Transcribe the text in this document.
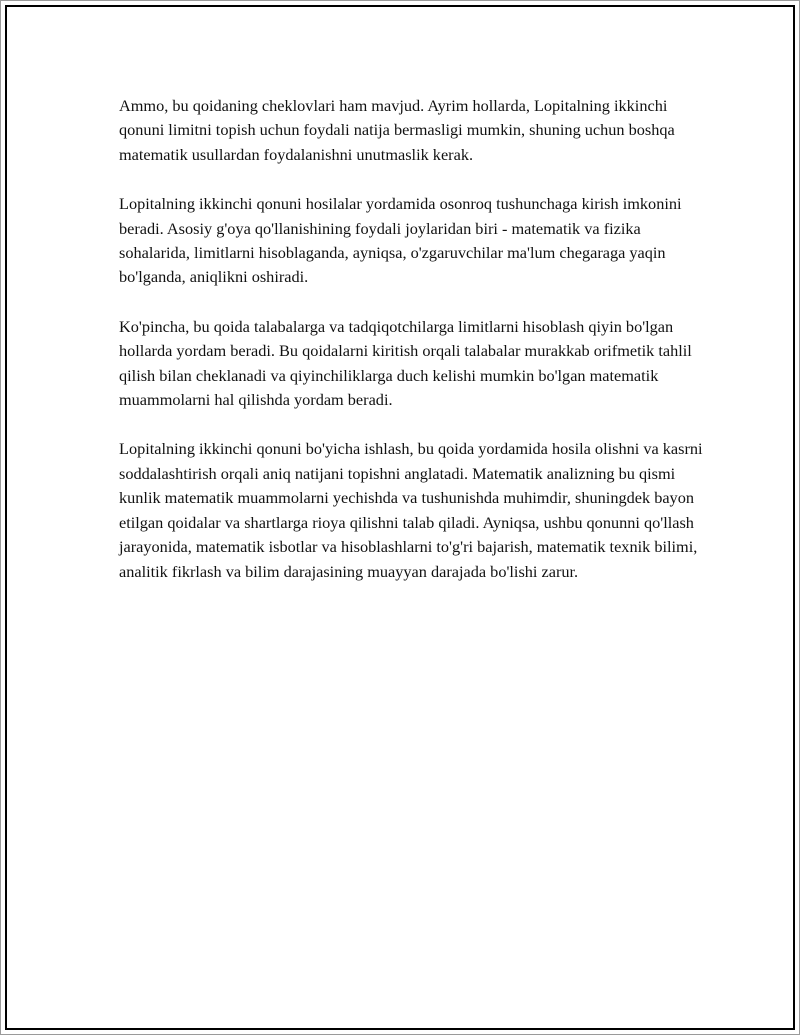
Ammo, bu qoidaning cheklovlari ham mavjud. Ayrim hollarda, Lopitalning ikkinchi qonuni limitni topish uchun foydali natija bermasligi mumkin, shuning uchun boshqa matematik usullardan foydalanishni unutmaslik kerak.

Lopitalning ikkinchi qonuni hosilalar yordamida osonroq tushunchaga kirish imkonini beradi. Asosiy g'oya qo'llanishining foydali joylaridan biri - matematik va fizika sohalarida, limitlarni hisoblaganda, ayniqsa, o'zgaruvchilar ma'lum chegaraga yaqin bo'lganda, aniqlikni oshiradi.

Ko'pincha, bu qoida talabalarga va tadqiqotchilarga limitlarni hisoblash qiyin bo'lgan hollarda yordam beradi. Bu qoidalarni kiritish orqali talabalar murakkab orifmetik tahlil qilish bilan cheklanadi va qiyinchiliklarga duch kelishi mumkin bo'lgan matematik muammolarni hal qilishda yordam beradi.

Lopitalning ikkinchi qonuni bo'yicha ishlash, bu qoida yordamida hosila olishni va kasrni soddalashtirish orqali aniq natijani topishni anglatadi. Matematik analizning bu qismi kunlik matematik muammolarni yechishda va tushunishda muhimdir, shuningdek bayon etilgan qoidalar va shartlarga rioya qilishni talab qiladi. Ayniqsa, ushbu qonunni qo'llash jarayonida, matematik isbotlar va hisoblashlarni to'g'ri bajarish, matematik texnik bilimi, analitik fikrlash va bilim darajasining muayyan darajada bo'lishi zarur.
